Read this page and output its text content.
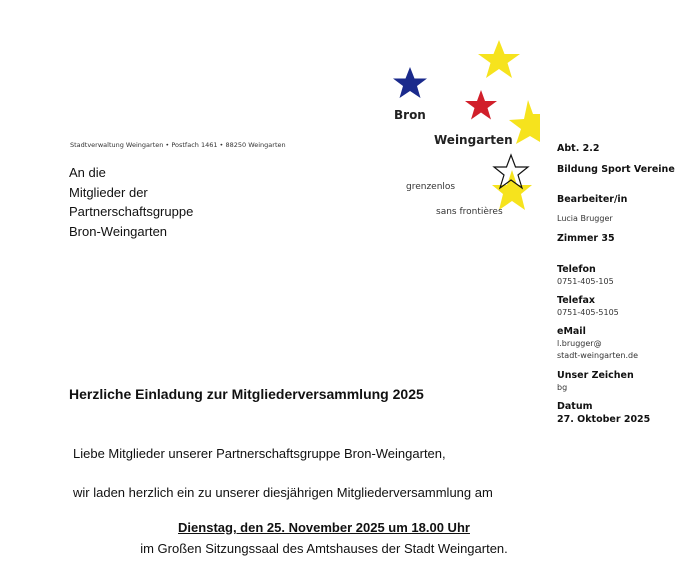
Bron
Weingarten
grenzenlos
sans frontières
Stadtverwaltung Weingarten • Postfach 1461 • 88250 Weingarten
An die
Mitglieder der
Partnerschaftsgruppe
Bron-Weingarten
Abt. 2.2
Bildung Sport Vereine
Bearbeiter/in
Lucia Brugger
Zimmer 35
Telefon
0751-405-105
Telefax
0751-405-5105
eMail
l.brugger@
stadt-weingarten.de
Unser Zeichen
bg
Datum
27. Oktober 2025
Herzliche Einladung zur Mitgliederversammlung 2025
Liebe Mitglieder unserer Partnerschaftsgruppe Bron-Weingarten,
wir laden herzlich ein zu unserer diesjährigen Mitgliederversammlung am
Dienstag, den 25. November 2025 um 18.00 Uhr
im Großen Sitzungssaal des Amtshauses der Stadt Weingarten.
